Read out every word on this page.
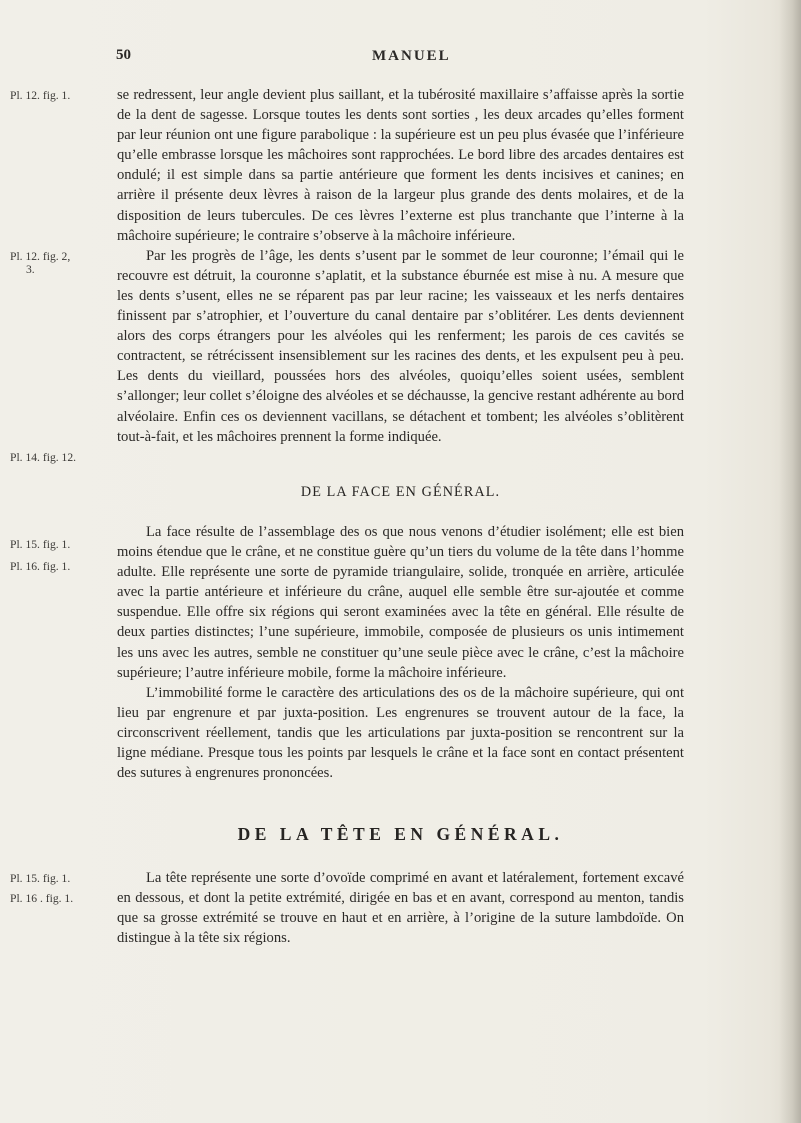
50	MANUEL
Pl. 12. fig. 1.
Pl. 12. fig. 2,
3.
Pl. 14. fig. 12.
Pl. 15. fig. 1.
Pl. 16. fig. 1.
Pl. 15. fig. 1.
Pl. 16 . fig. 1.

se redressent, leur angle devient plus saillant, et la tubérosité maxillaire s’affaisse après la sortie de la dent de sagesse. Lorsque toutes les dents sont sorties , les deux arcades qu’elles forment par leur réunion ont une figure parabolique : la supérieure est un peu plus évasée que l’inférieure qu’elle embrasse lorsque les mâchoires sont rapprochées. Le bord libre des arcades dentaires est ondulé; il est simple dans sa partie antérieure que forment les dents incisives et canines; en arrière il présente deux lèvres à raison de la largeur plus grande des dents molaires, et de la disposition de leurs tubercules. De ces lèvres l’externe est plus tranchante que l’interne à la mâchoire supérieure; le contraire s’observe à la mâchoire inférieure.

Par les progrès de l’âge, les dents s’usent par le sommet de leur couronne; l’émail qui le recouvre est détruit, la couronne s’aplatit, et la substance éburnée est mise à nu. A mesure que les dents s’usent, elles ne se réparent pas par leur racine; les vaisseaux et les nerfs dentaires finissent par s’atrophier, et l’ouverture du canal dentaire par s’oblitérer. Les dents deviennent alors des corps étrangers pour les alvéoles qui les renferment; les parois de ces cavités se contractent, se rétrécissent insensiblement sur les racines des dents, et les expulsent peu à peu. Les dents du vieillard, poussées hors des alvéoles, quoiqu’elles soient usées, semblent s’allonger; leur collet s’éloigne des alvéoles et se déchausse, la gencive restant adhérente au bord alvéolaire. Enfin ces os deviennent vacillans, se détachent et tombent; les alvéoles s’oblitèrent tout-à-fait, et les mâchoires prennent la forme indiquée.

DE LA FACE EN GÉNÉRAL.

La face résulte de l’assemblage des os que nous venons d’étudier isolément; elle est bien moins étendue que le crâne, et ne constitue guère qu’un tiers du volume de la tête dans l’homme adulte. Elle représente une sorte de pyramide triangulaire, solide, tronquée en arrière, articulée avec la partie antérieure et inférieure du crâne, auquel elle semble être sur-ajoutée et comme suspendue. Elle offre six régions qui seront examinées avec la tête en général. Elle résulte de deux parties distinctes; l’une supérieure, immobile, composée de plusieurs os unis intimement les uns avec les autres, semble ne constituer qu’une seule pièce avec le crâne, c’est la mâchoire supérieure; l’autre inférieure mobile, forme la mâchoire inférieure.

L’immobilité forme le caractère des articulations des os de la mâchoire supérieure, qui ont lieu par engrenure et par juxta-position. Les engrenures se trouvent autour de la face, la circonscrivent réellement, tandis que les articulations par juxta-position se rencontrent sur la ligne médiane. Presque tous les points par lesquels le crâne et la face sont en contact présentent des sutures à engrenures prononcées.

DE LA TÊTE EN GÉNÉRAL.

La tête représente une sorte d’ovoïde comprimé en avant et latéralement, fortement excavé en dessous, et dont la petite extrémité, dirigée en bas et en avant, correspond au menton, tandis que sa grosse extrémité se trouve en haut et en arrière, à l’origine de la suture lambdoïde. On distingue à la tête six régions.
